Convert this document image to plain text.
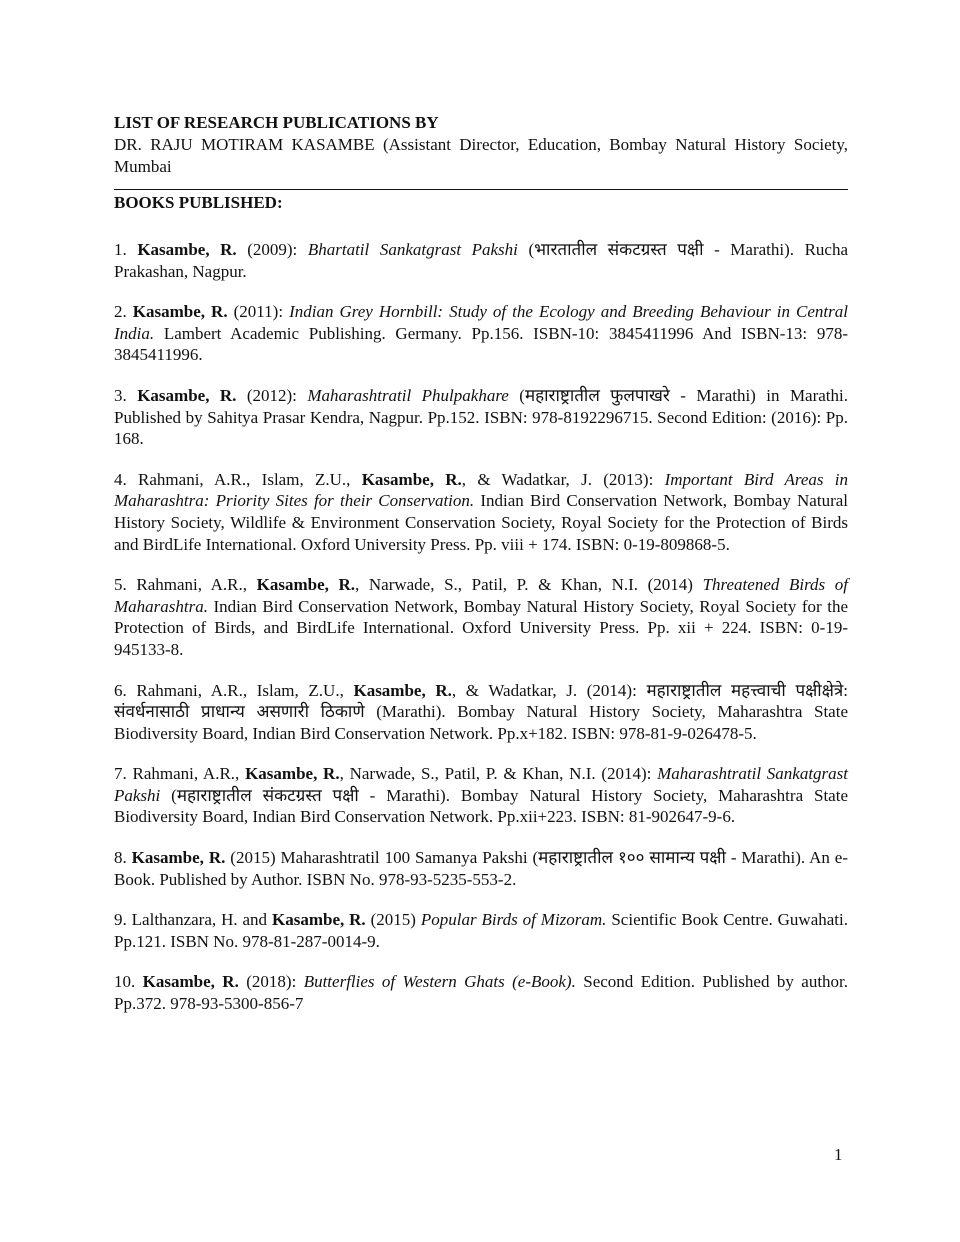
LIST OF RESEARCH PUBLICATIONS BY

DR. RAJU MOTIRAM KASAMBE (Assistant Director, Education, Bombay Natural History Society, Mumbai

BOOKS PUBLISHED:

1. Kasambe, R. (2009): Bhartatil Sankatgrast Pakshi (भारतातील संकटग्रस्त पक्षी - Marathi). Rucha Prakashan, Nagpur.

2. Kasambe, R. (2011): Indian Grey Hornbill: Study of the Ecology and Breeding Behaviour in Central India. Lambert Academic Publishing. Germany. Pp.156. ISBN-10: 3845411996 And ISBN-13: 978-3845411996.

3. Kasambe, R. (2012): Maharashtratil Phulpakhare (महाराष्ट्रातील फुलपाखरे - Marathi) in Marathi. Published by Sahitya Prasar Kendra, Nagpur. Pp.152. ISBN: 978-8192296715. Second Edition: (2016): Pp. 168.

4. Rahmani, A.R., Islam, Z.U., Kasambe, R., & Wadatkar, J. (2013): Important Bird Areas in Maharashtra: Priority Sites for their Conservation. Indian Bird Conservation Network, Bombay Natural History Society, Wildlife & Environment Conservation Society, Royal Society for the Protection of Birds and BirdLife International. Oxford University Press. Pp. viii + 174. ISBN: 0-19-809868-5.

5. Rahmani, A.R., Kasambe, R., Narwade, S., Patil, P. & Khan, N.I. (2014) Threatened Birds of Maharashtra. Indian Bird Conservation Network, Bombay Natural History Society, Royal Society for the Protection of Birds, and BirdLife International. Oxford University Press. Pp. xii + 224. ISBN: 0-19-945133-8.

6. Rahmani, A.R., Islam, Z.U., Kasambe, R., & Wadatkar, J. (2014): महाराष्ट्रातील महत्त्वाची पक्षीक्षेत्रे: संवर्धनासाठी प्राधान्य असणारी ठिकाणे (Marathi). Bombay Natural History Society, Maharashtra State Biodiversity Board, Indian Bird Conservation Network. Pp.x+182. ISBN: 978-81-9-026478-5.

7. Rahmani, A.R., Kasambe, R., Narwade, S., Patil, P. & Khan, N.I. (2014): Maharashtratil Sankatgrast Pakshi (महाराष्ट्रातील संकटग्रस्त पक्षी - Marathi). Bombay Natural History Society, Maharashtra State Biodiversity Board, Indian Bird Conservation Network. Pp.xii+223. ISBN: 81-902647-9-6.

8. Kasambe, R. (2015) Maharashtratil 100 Samanya Pakshi (महाराष्ट्रातील १०० सामान्य पक्षी - Marathi). An e-Book. Published by Author. ISBN No. 978-93-5235-553-2.

9. Lalthanzara, H. and Kasambe, R. (2015) Popular Birds of Mizoram. Scientific Book Centre. Guwahati. Pp.121. ISBN No. 978-81-287-0014-9.

10. Kasambe, R. (2018): Butterflies of Western Ghats (e-Book). Second Edition. Published by author. Pp.372. 978-93-5300-856-7

1
